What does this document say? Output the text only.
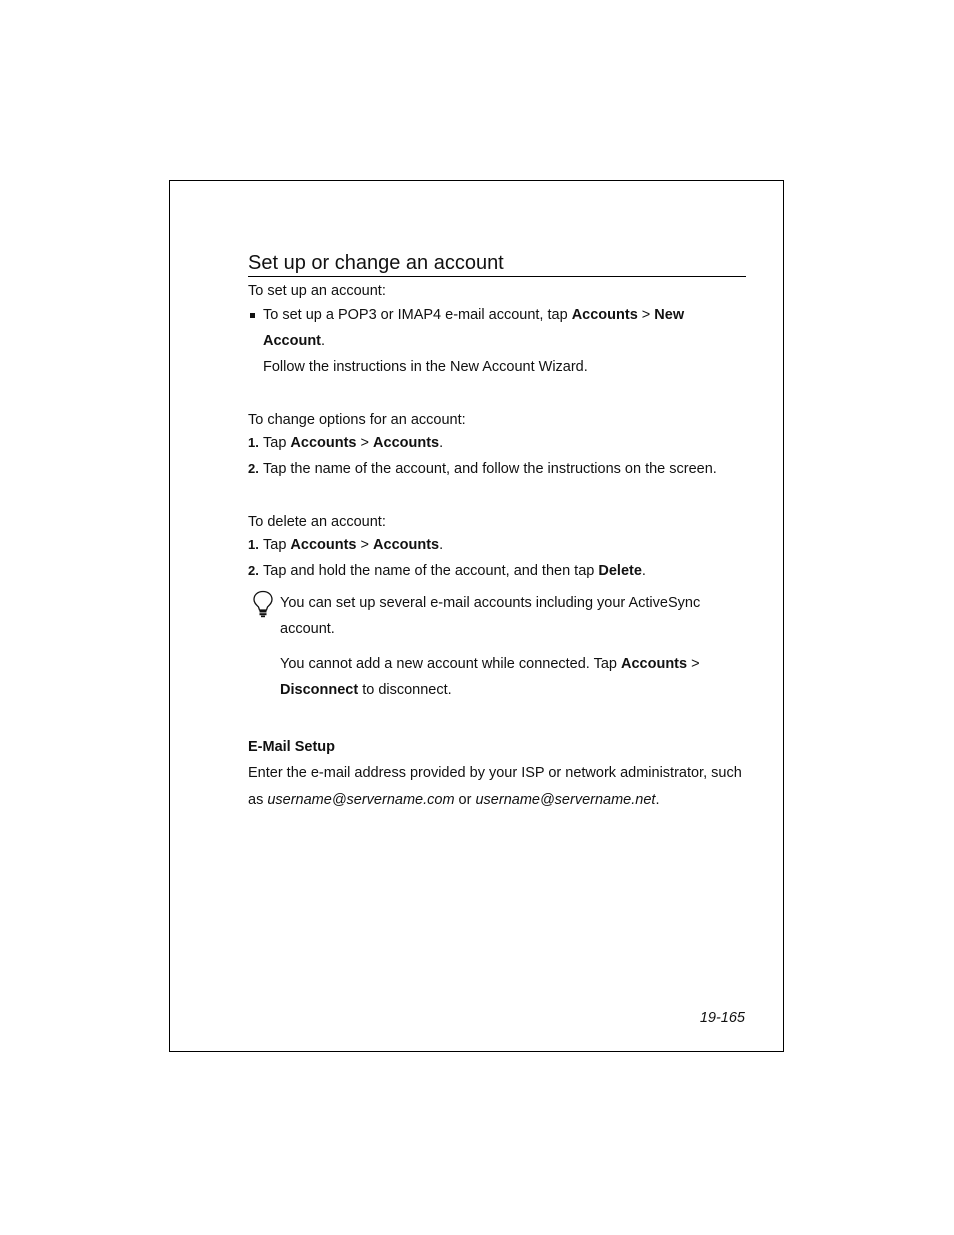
Set up or change an account

To set up an account:

To set up a POP3 or IMAP4 e-mail account, tap Accounts > New Account.
Follow the instructions in the New Account Wizard.

To change options for an account:

1. Tap Accounts > Accounts.

2. Tap the name of the account, and follow the instructions on the screen.

To delete an account:

1. Tap Accounts > Accounts.

2. Tap and hold the name of the account, and then tap Delete.

You can set up several e-mail accounts including your ActiveSync account.

You cannot add a new account while connected. Tap Accounts >
Disconnect to disconnect.

E-Mail Setup

Enter the e-mail address provided by your ISP or network administrator, such as username@servername.com or username@servername.net.

19-165
